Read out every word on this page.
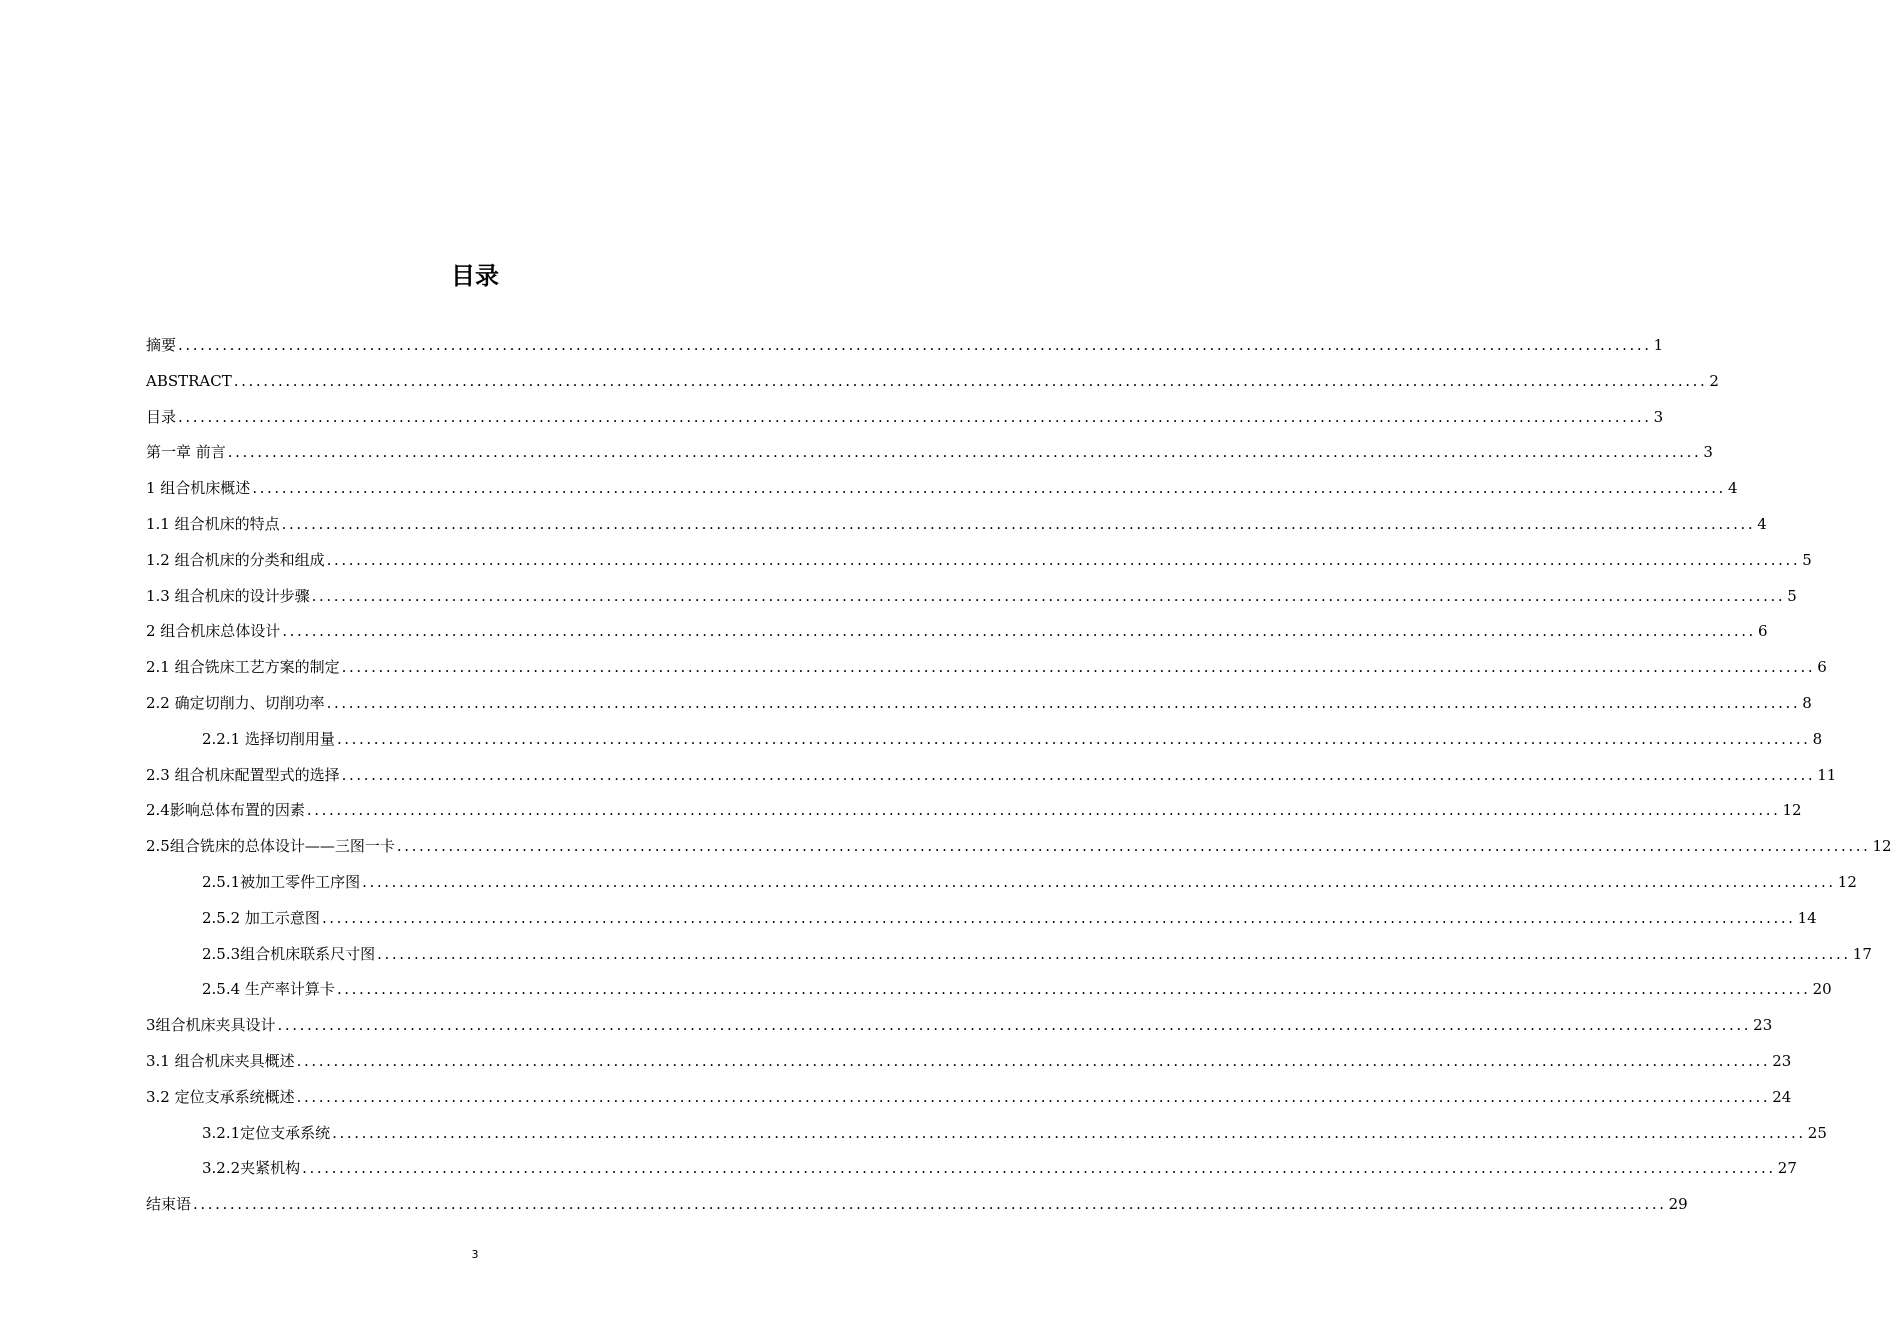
目录
摘要 ........................................................................................................................................................................................................ 1
ABSTRACT ........................................................................................................................................................................................................ 2
目录 ........................................................................................................................................................................................................ 3
第一章 前言 ........................................................................................................................................................................................................ 3
1 组合机床概述 ........................................................................................................................................................................................................ 4
1.1 组合机床的特点 ........................................................................................................................................................................................................ 4
1.2 组合机床的分类和组成 ........................................................................................................................................................................................................ 5
1.3 组合机床的设计步骤 ........................................................................................................................................................................................................ 5
2 组合机床总体设计 ........................................................................................................................................................................................................ 6
2.1 组合铣床工艺方案的制定 ........................................................................................................................................................................................................ 6
2.2 确定切削力、切削功率 ........................................................................................................................................................................................................ 8
2.2.1 选择切削用量 ........................................................................................................................................................................................................ 8
2.3 组合机床配置型式的选择 ........................................................................................................................................................................................................ 11
2.4影响总体布置的因素 ........................................................................................................................................................................................................ 12
2.5组合铣床的总体设计——三图一卡 ........................................................................................................................................................................................................ 12
2.5.1被加工零件工序图 ........................................................................................................................................................................................................ 12
2.5.2 加工示意图 ........................................................................................................................................................................................................ 14
2.5.3组合机床联系尺寸图 ........................................................................................................................................................................................................ 17
2.5.4 生产率计算卡 ........................................................................................................................................................................................................ 20
3组合机床夹具设计 ........................................................................................................................................................................................................ 23
3.1 组合机床夹具概述 ........................................................................................................................................................................................................ 23
3.2 定位支承系统概述 ........................................................................................................................................................................................................ 24
3.2.1定位支承系统 ........................................................................................................................................................................................................ 25
3.2.2夹紧机构 ........................................................................................................................................................................................................ 27
结束语 ........................................................................................................................................................................................................ 29
3
